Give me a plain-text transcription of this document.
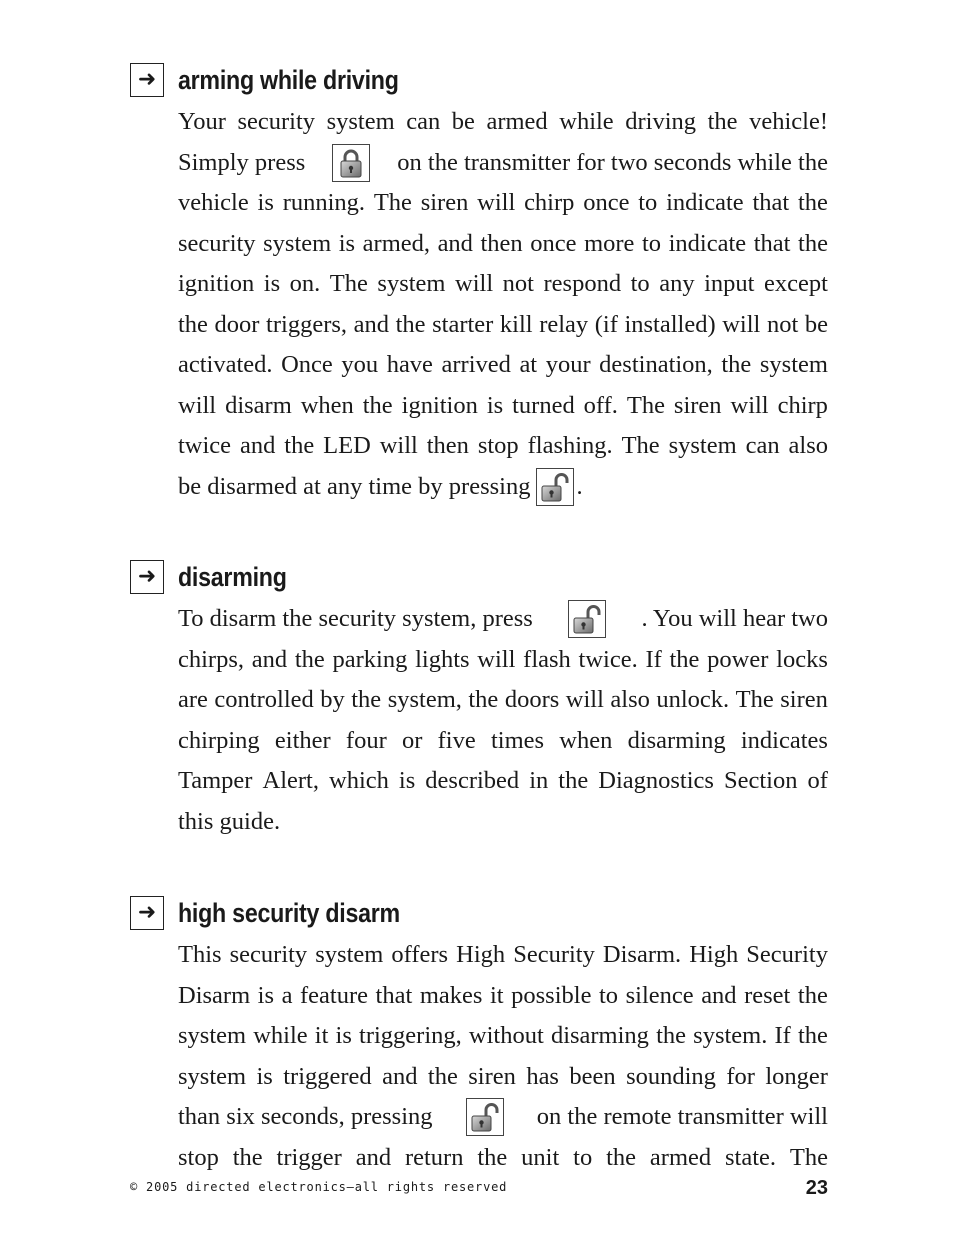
➜ arming while driving
Your security system can be armed while driving the vehicle!
Simply press	on the transmitter for two seconds while the
vehicle is running. The siren will chirp once to indicate that the
security system is armed, and then once more to indicate that the
ignition is on. The system will not respond to any input except
the door triggers, and the starter kill relay (if installed) will not be
activated. Once you have arrived at your destination, the system
will disarm when the ignition is turned off. The siren will chirp
twice and the LED will then stop flashing. The system can also
be disarmed at any time by pressing .
➜ disarming
To disarm the security system, press	. You will hear two
chirps, and the parking lights will flash twice. If the power locks
are controlled by the system, the doors will also unlock. The siren
chirping either four or five times when disarming indicates
Tamper Alert, which is described in the Diagnostics Section of
this guide.
➜ high security disarm
This security system offers High Security Disarm. High Security
Disarm is a feature that makes it possible to silence and reset the
system while it is triggering, without disarming the system. If the
system is triggered and the siren has been sounding for longer
than six seconds, pressing	on the remote transmitter will
stop the trigger and return the unit to the armed state. The
© 2005 directed electronics—all rights reserved	23
